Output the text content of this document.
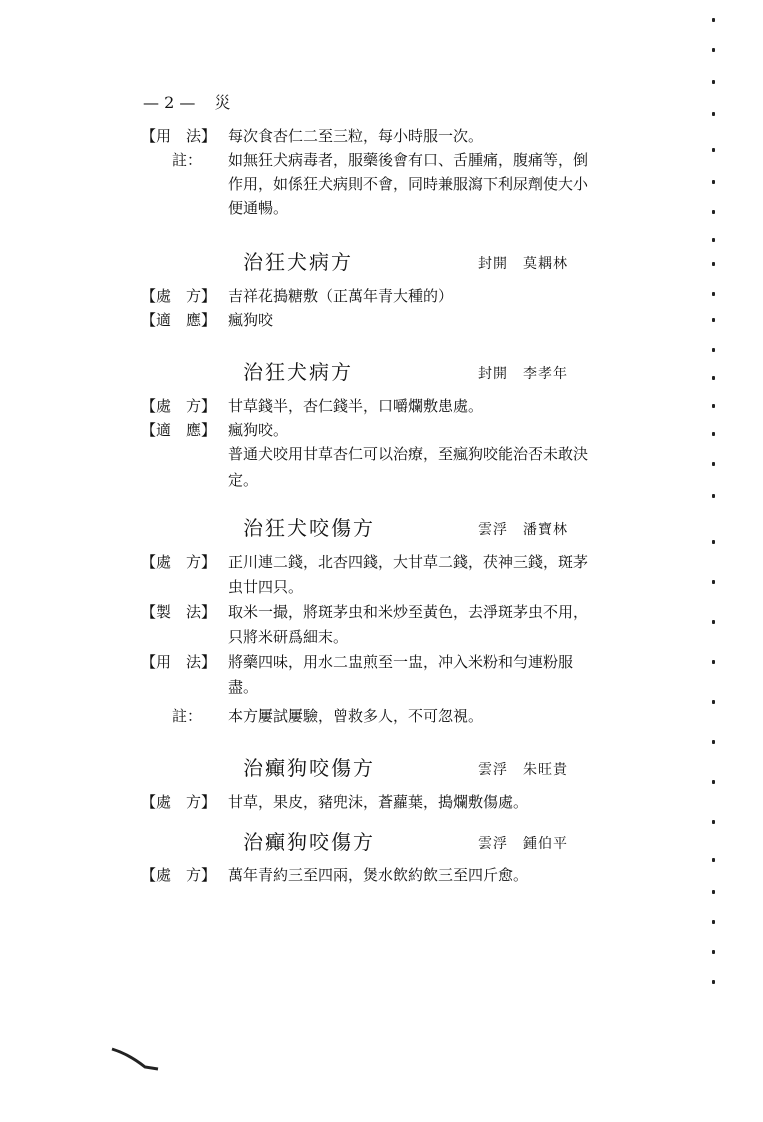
— 2 — 災
【用　法】 每次食杏仁二至三粒，每小時服一次。
註： 如無狂犬病毒者，服藥後會有口、舌腫痛，腹痛等，倒
作用，如係狂犬病則不會，同時兼服瀉下利尿劑使大小
便通暢。
治狂犬病方	封開　莫耦林
【處　方】 吉祥花搗糖敷（正萬年青大種的）
【適　應】 瘋狗咬
治狂犬病方	封開　李孝年
【處　方】 甘草錢半，杏仁錢半，口嚼爛敷患處。
【適　應】 瘋狗咬。
普通犬咬用甘草杏仁可以治療，至瘋狗咬能治否未敢決
定。
治狂犬咬傷方	雲浮　潘寶林
【處　方】 正川連二錢，北杏四錢，大甘草二錢，茯神三錢，斑茅
虫廿四只。
【製　法】 取米一撮，將斑茅虫和米炒至黃色，去淨斑茅虫不用，
只將米研爲細末。
【用　法】 將藥四味，用水二盅煎至一盅，冲入米粉和勻連粉服
盡。
註： 本方屢試屢驗，曾救多人，不可忽視。
治癲狗咬傷方	雲浮　朱旺貴
【處　方】 甘草，果皮，豬兜沫，蒼蘿葉，搗爛敷傷處。
治癲狗咬傷方	雲浮　鍾伯平
【處　方】 萬年青約三至四兩，煲水飲約飲三至四斤愈。
